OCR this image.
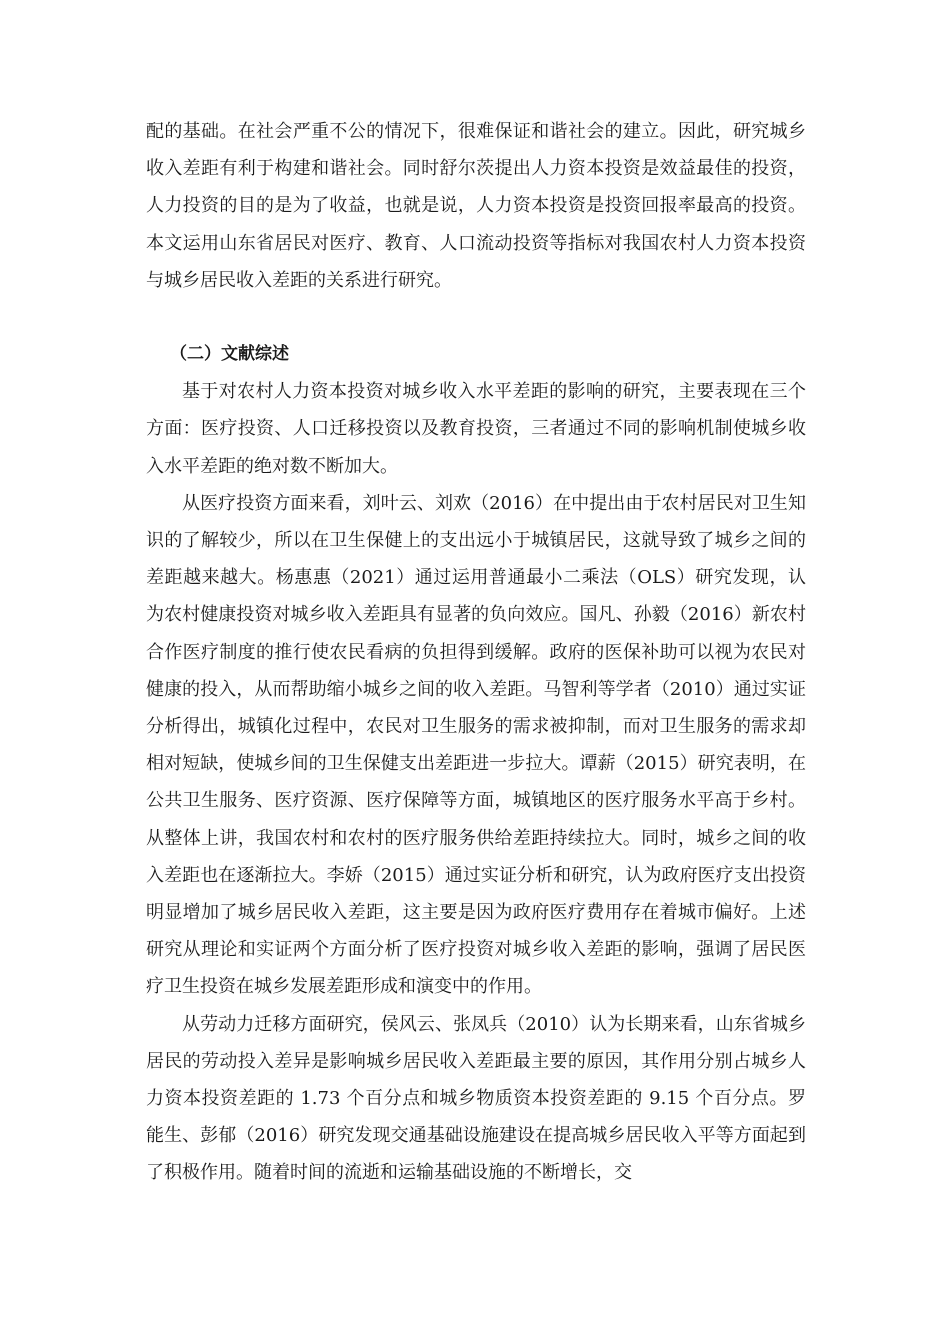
配的基础。在社会严重不公的情况下，很难保证和谐社会的建立。因此，研究城乡收入差距有利于构建和谐社会。同时舒尔茨提出人力资本投资是效益最佳的投资，人力投资的目的是为了收益，也就是说，人力资本投资是投资回报率最高的投资。本文运用山东省居民对医疗、教育、人口流动投资等指标对我国农村人力资本投资与城乡居民收入差距的关系进行研究。

（二）文献综述

基于对农村人力资本投资对城乡收入水平差距的影响的研究，主要表现在三个方面：医疗投资、人口迁移投资以及教育投资，三者通过不同的影响机制使城乡收入水平差距的绝对数不断加大。

从医疗投资方面来看，刘叶云、刘欢（2016）在中提出由于农村居民对卫生知识的了解较少，所以在卫生保健上的支出远小于城镇居民，这就导致了城乡之间的差距越来越大。杨惠惠（2021）通过运用普通最小二乘法（OLS）研究发现，认为农村健康投资对城乡收入差距具有显著的负向效应。国凡、孙毅（2016）新农村合作医疗制度的推行使农民看病的负担得到缓解。政府的医保补助可以视为农民对健康的投入，从而帮助缩小城乡之间的收入差距。马智利等学者（2010）通过实证分析得出，城镇化过程中，农民对卫生服务的需求被抑制，而对卫生服务的需求却相对短缺，使城乡间的卫生保健支出差距进一步拉大。谭薪（2015）研究表明，在公共卫生服务、医疗资源、医疗保障等方面，城镇地区的医疗服务水平高于乡村。从整体上讲，我国农村和农村的医疗服务供给差距持续拉大。同时，城乡之间的收入差距也在逐渐拉大。李娇（2015）通过实证分析和研究，认为政府医疗支出投资明显增加了城乡居民收入差距，这主要是因为政府医疗费用存在着城市偏好。上述研究从理论和实证两个方面分析了医疗投资对城乡收入差距的影响，强调了居民医疗卫生投资在城乡发展差距形成和演变中的作用。

从劳动力迁移方面研究，侯风云、张凤兵（2010）认为长期来看，山东省城乡居民的劳动投入差异是影响城乡居民收入差距最主要的原因，其作用分别占城乡人力资本投资差距的 1.73 个百分点和城乡物质资本投资差距的 9.15 个百分点。罗能生、彭郁（2016）研究发现交通基础设施建设在提高城乡居民收入平等方面起到了积极作用。随着时间的流逝和运输基础设施的不断增长，交
